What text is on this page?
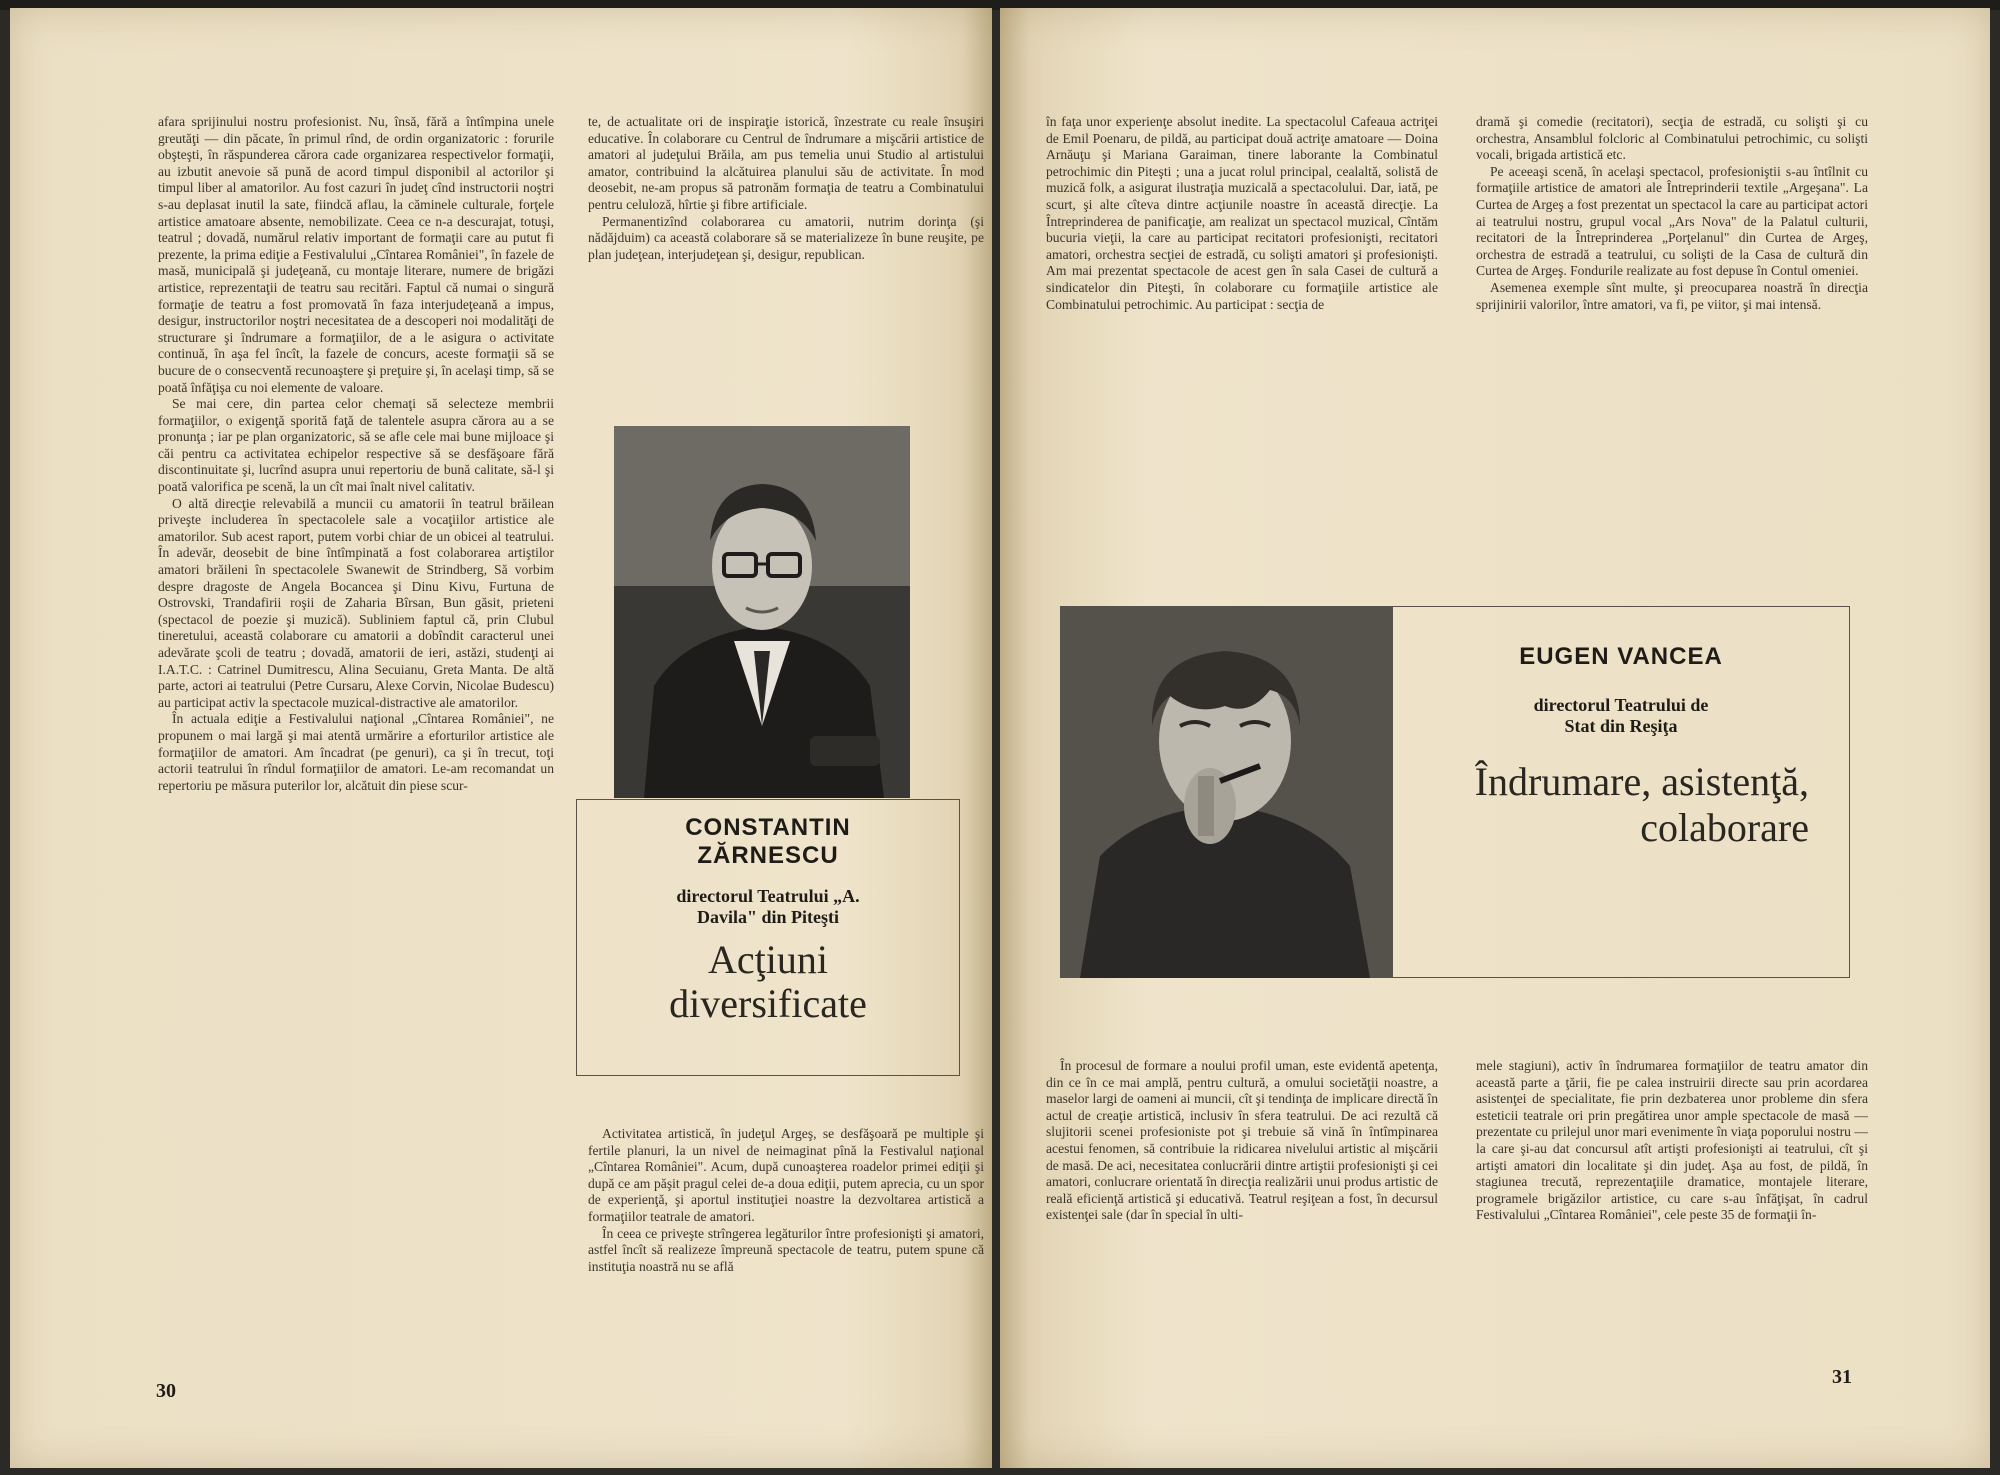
afara sprijinului nostru profesionist. Nu, însă, fără a întîmpina unele greutăţi — din păcate, în primul rînd, de ordin organizatoric : forurile obşteşti, în răspunderea cărora cade organizarea respectivelor formaţii, au izbutit anevoie să pună de acord timpul disponibil al actorilor şi timpul liber al amatorilor. Au fost cazuri în judeţ cînd instructorii noştri s-au deplasat inutil la sate, fiindcă aflau, la căminele culturale, forţele artistice amatoare absente, nemobilizate. Ceea ce n-a descurajat, totuşi, teatrul ; dovadă, numărul relativ important de formaţii care au putut fi prezente, la prima ediţie a Festivalului „Cîntarea României", în fazele de masă, municipală şi judeţeană, cu montaje literare, numere de brigăzi artistice, reprezentaţii de teatru sau recitări. Faptul că numai o singură formaţie de teatru a fost promovată în faza interjudeţeană a impus, desigur, instructorilor noştri necesitatea de a descoperi noi modalităţi de structurare şi îndrumare a formaţiilor, de a le asigura o activitate continuă, în aşa fel încît, la fazele de concurs, aceste formaţii să se bucure de o consecventă recunoaştere şi preţuire şi, în acelaşi timp, să se poată înfăţişa cu noi elemente de valoare.

Se mai cere, din partea celor chemaţi să selecteze membrii formaţiilor, o exigenţă sporită faţă de talentele asupra cărora au a se pronunţa ; iar pe plan organizatoric, să se afle cele mai bune mijloace şi căi pentru ca activitatea echipelor respective să se desfăşoare fără discontinuitate şi, lucrînd asupra unui repertoriu de bună calitate, să-l şi poată valorifica pe scenă, la un cît mai înalt nivel calitativ.

O altă direcţie relevabilă a muncii cu amatorii în teatrul brăilean priveşte includerea în spectacolele sale a vocaţiilor artistice ale amatorilor. Sub acest raport, putem vorbi chiar de un obicei al teatrului. În adevăr, deosebit de bine întîmpinată a fost colaborarea artiştilor amatori brăileni în spectacolele Swanewit de Strindberg, Să vorbim despre dragoste de Angela Bocancea şi Dinu Kivu, Furtuna de Ostrovski, Trandafirii roşii de Zaharia Bîrsan, Bun găsit, prieteni (spectacol de poezie şi muzică). Subliniem faptul că, prin Clubul tineretului, această colaborare cu amatorii a dobîndit caracterul unei adevărate şcoli de teatru ; dovadă, amatorii de ieri, astăzi, studenţi ai I.A.T.C. : Catrinel Dumitrescu, Alina Secuianu, Greta Manta. De altă parte, actori ai teatrului (Petre Cursaru, Alexe Corvin, Nicolae Budescu) au participat activ la spectacole muzical-distractive ale amatorilor.

În actuala ediţie a Festivalului naţional „Cîntarea României", ne propunem o mai largă şi mai atentă urmărire a eforturilor artistice ale formaţiilor de amatori. Am încadrat (pe genuri), ca şi în trecut, toţi actorii teatrului în rîndul formaţiilor de amatori. Le-am recomandat un repertoriu pe măsura puterilor lor, alcătuit din piese scur-

te, de actualitate ori de inspiraţie istorică, înzestrate cu reale însuşiri educative. În colaborare cu Centrul de îndrumare a mişcării artistice de amatori al judeţului Brăila, am pus temelia unui Studio al artistului amator, contribuind la alcătuirea planului său de activitate. În mod deosebit, ne-am propus să patronăm formaţia de teatru a Combinatului pentru celuloză, hîrtie şi fibre artificiale.

Permanentizînd colaborarea cu amatorii, nutrim dorinţa (şi nădăjduim) ca această colaborare să se materializeze în bune reuşite, pe plan judeţean, interjudeţean şi, desigur, republican.

CONSTANTIN ZĂRNESCU
directorul Teatrului „A. Davila" din Piteşti
Acţiuni diversificate

Activitatea artistică, în judeţul Argeş, se desfăşoară pe multiple şi fertile planuri, la un nivel de neimaginat pînă la Festivalul naţional „Cîntarea României". Acum, după cunoaşterea roadelor primei ediţii şi după ce am păşit pragul celei de-a doua ediţii, putem aprecia, cu un spor de experienţă, şi aportul instituţiei noastre la dezvoltarea artistică a formaţiilor teatrale de amatori.

În ceea ce priveşte strîngerea legăturilor între profesionişti şi amatori, astfel încît să realizeze împreună spectacole de teatru, putem spune că instituţia noastră nu se află

30

în faţa unor experienţe absolut inedite. La spectacolul Cafeaua actriţei de Emil Poenaru, de pildă, au participat două actriţe amatoare — Doina Arnăuţu şi Mariana Garaiman, tinere laborante la Combinatul petrochimic din Piteşti ; una a jucat rolul principal, cealaltă, solistă de muzică folk, a asigurat ilustraţia muzicală a spectacolului. Dar, iată, pe scurt, şi alte cîteva dintre acţiunile noastre în această direcţie. La Întreprinderea de panificaţie, am realizat un spectacol muzical, Cîntăm bucuria vieţii, la care au participat recitatori profesionişti, recitatori amatori, orchestra secţiei de estradă, cu solişti amatori şi profesionişti. Am mai prezentat spectacole de acest gen în sala Casei de cultură a sindicatelor din Piteşti, în colaborare cu formaţiile artistice ale Combinatului petrochimic. Au participat : secţia de

dramă şi comedie (recitatori), secţia de estradă, cu solişti şi cu orchestra, Ansamblul folcloric al Combinatului petrochimic, cu solişti vocali, brigada artistică etc.

Pe aceeaşi scenă, în acelaşi spectacol, profesioniştii s-au întîlnit cu formaţiile artistice de amatori ale Întreprinderii textile „Argeşana". La Curtea de Argeş a fost prezentat un spectacol la care au participat actori ai teatrului nostru, grupul vocal „Ars Nova" de la Palatul culturii, recitatori de la Întreprinderea „Porţelanul" din Curtea de Argeş, orchestra de estradă a teatrului, cu solişti de la Casa de cultură din Curtea de Argeş. Fondurile realizate au fost depuse în Contul omeniei.

Asemenea exemple sînt multe, şi preocuparea noastră în direcţia sprijinirii valorilor, între amatori, va fi, pe viitor, şi mai intensă.

EUGEN VANCEA
directorul Teatrului de Stat din Reşiţa
Îndrumare, asistenţă, colaborare

În procesul de formare a noului profil uman, este evidentă apetenţa, din ce în ce mai amplă, pentru cultură, a omului societăţii noastre, a maselor largi de oameni ai muncii, cît şi tendinţa de implicare directă în actul de creaţie artistică, inclusiv în sfera teatrului. De aci rezultă că slujitorii scenei profesioniste pot şi trebuie să vină în întîmpinarea acestui fenomen, să contribuie la ridicarea nivelului artistic al mişcării de masă. De aci, necesitatea conlucrării dintre artiştii profesionişti şi cei amatori, conlucrare orientată în direcţia realizării unui produs artistic de reală eficienţă artistică şi educativă. Teatrul reşiţean a fost, în decursul existenţei sale (dar în special în ulti-

mele stagiuni), activ în îndrumarea formaţiilor de teatru amator din această parte a ţării, fie pe calea instruirii directe sau prin acordarea asistenţei de specialitate, fie prin dezbaterea unor probleme din sfera esteticii teatrale ori prin pregătirea unor ample spectacole de masă — prezentate cu prilejul unor mari evenimente în viaţa poporului nostru — la care şi-au dat concursul atît artişti profesionişti ai teatrului, cît şi artişti amatori din localitate şi din judeţ. Aşa au fost, de pildă, în stagiunea trecută, reprezentaţiile dramatice, montajele literare, programele brigăzilor artistice, cu care s-au înfăţişat, în cadrul Festivalului „Cîntarea României", cele peste 35 de formaţii în-

31
